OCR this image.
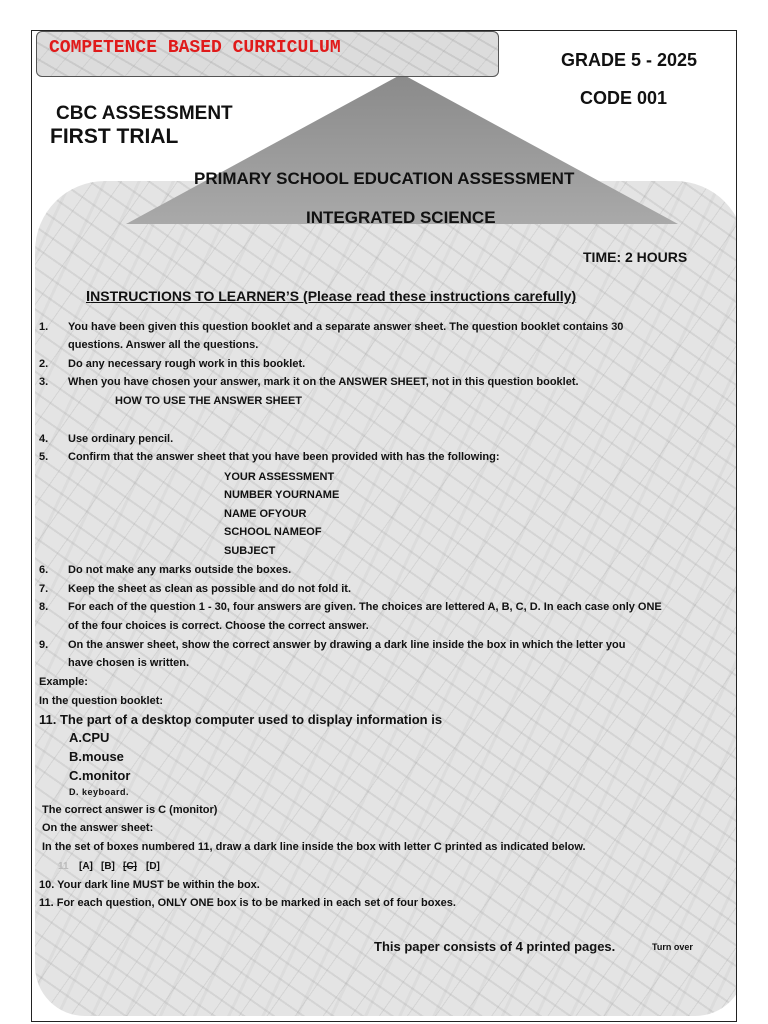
COMPETENCE BASED CURRICULUM
GRADE 5 - 2025
CODE 001
CBC ASSESSMENT
FIRST TRIAL
PRIMARY SCHOOL EDUCATION ASSESSMENT
INTEGRATED SCIENCE
TIME: 2 HOURS
INSTRUCTIONS TO LEARNER’S (Please read these instructions carefully)
1. You have been given this question booklet and a separate answer sheet. The question booklet contains 30
questions. Answer all the questions.
2. Do any necessary rough work in this booklet.
3. When you have chosen your answer, mark it on the ANSWER SHEET, not in this question booklet.
HOW TO USE THE ANSWER SHEET
4. Use ordinary pencil.
5. Confirm that the answer sheet that you have been provided with has the following:
YOUR ASSESSMENT
NUMBER YOURNAME
NAME OFYOUR
SCHOOL NAMEOF
SUBJECT
6. Do not make any marks outside the boxes.
7. Keep the sheet as clean as possible and do not fold it.
8. For each of the question 1 - 30, four answers are given. The choices are lettered A, B, C, D. In each case only ONE
of the four choices is correct. Choose the correct answer.
9. On the answer sheet, show the correct answer by drawing a dark line inside the box in which the letter you
have chosen is written.
Example:
In the question booklet:
11. The part of a desktop computer used to display information is
A.CPU
B.mouse
C.monitor
D. keyboard.
The correct answer is C (monitor)
On the answer sheet:
In the set of boxes numbered 11, draw a dark line inside the box with letter C printed as indicated below.
11 [A] [B] [C] [D]
10. Your dark line MUST be within the box.
11. For each question, ONLY ONE box is to be marked in each set of four boxes.
This paper consists of 4 printed pages.	Turn over
